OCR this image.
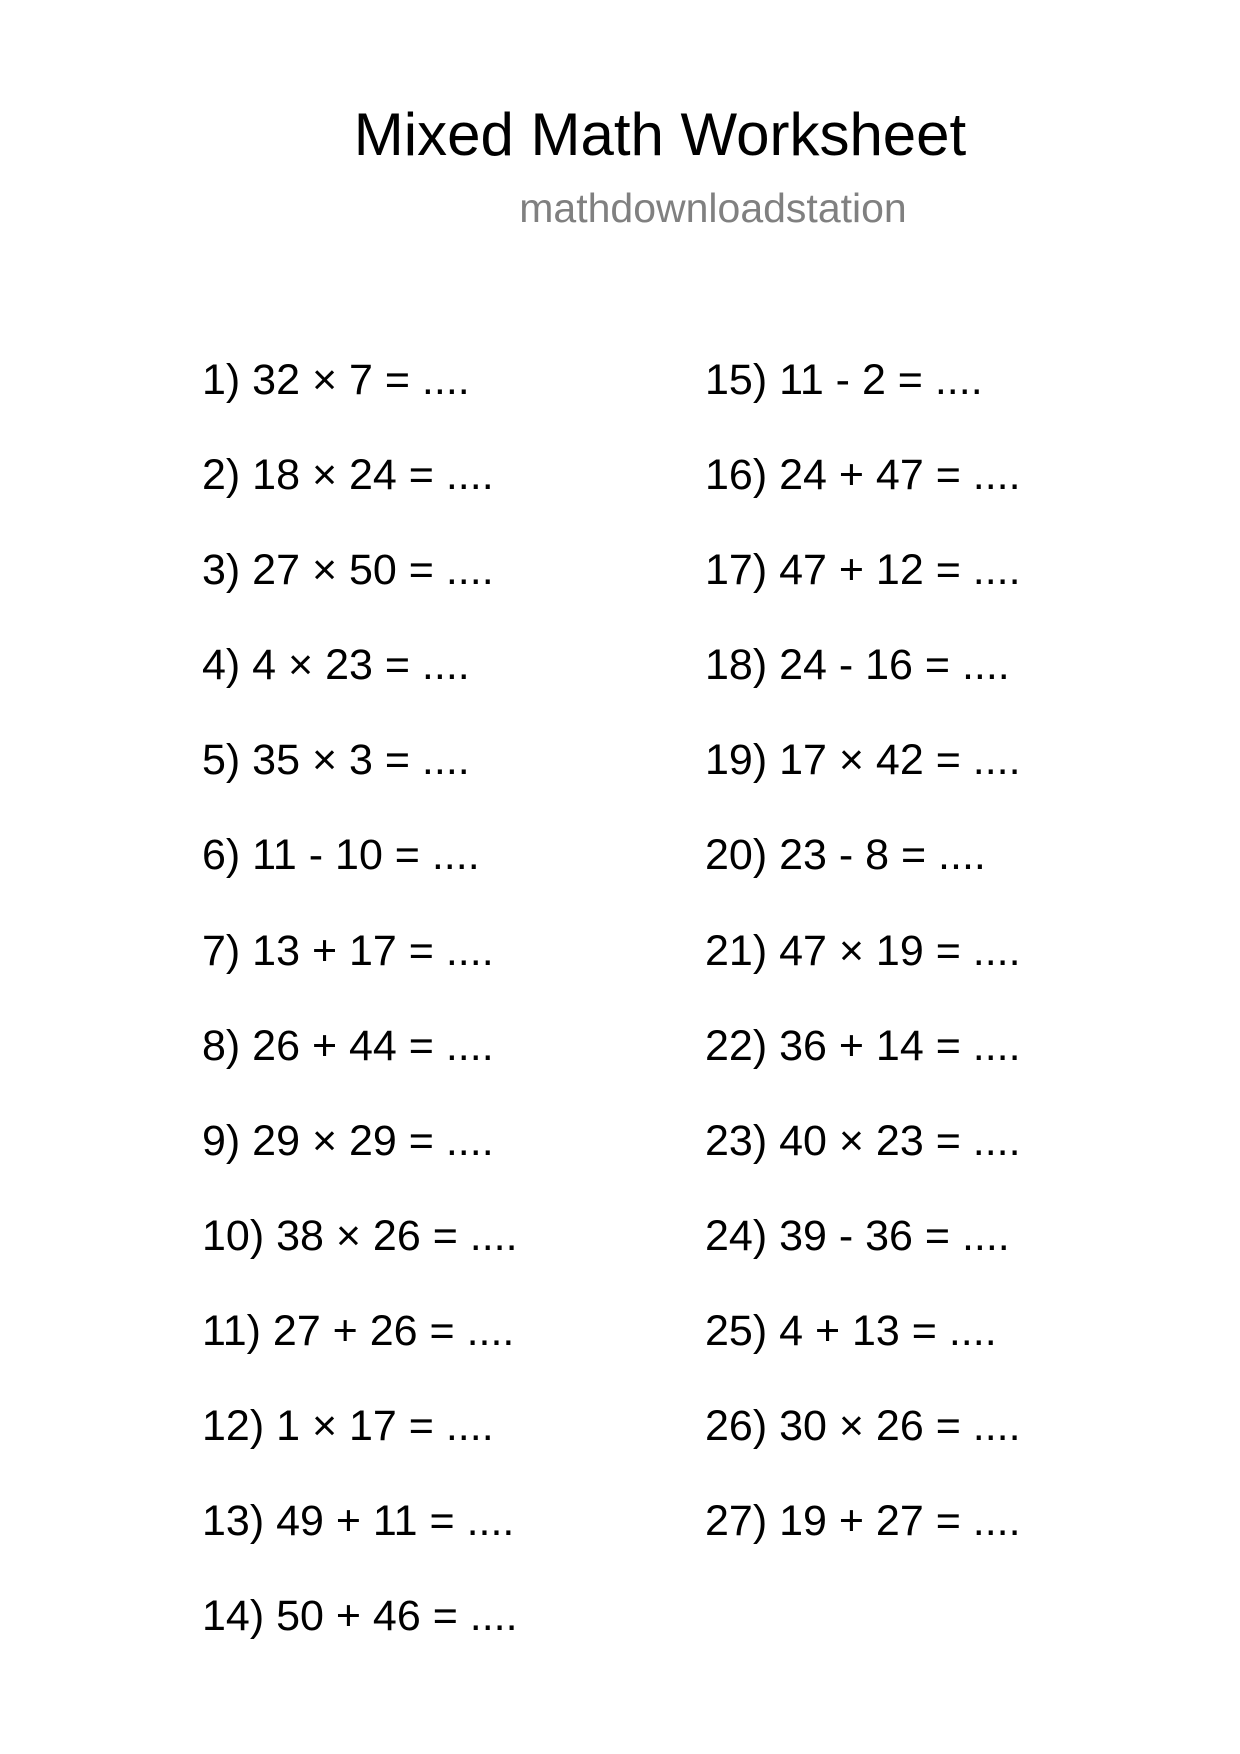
Mixed Math Worksheet

mathdownloadstation

1) 32 × 7 = ....
2) 18 × 24 = ....
3) 27 × 50 = ....
4) 4 × 23 = ....
5) 35 × 3 = ....
6) 11 - 10 = ....
7) 13 + 17 = ....
8) 26 + 44 = ....
9) 29 × 29 = ....
10) 38 × 26 = ....
11) 27 + 26 = ....
12) 1 × 17 = ....
13) 49 + 11 = ....
14) 50 + 46 = ....
15) 11 - 2 = ....
16) 24 + 47 = ....
17) 47 + 12 = ....
18) 24 - 16 = ....
19) 17 × 42 = ....
20) 23 - 8 = ....
21) 47 × 19 = ....
22) 36 + 14 = ....
23) 40 × 23 = ....
24) 39 - 36 = ....
25) 4 + 13 = ....
26) 30 × 26 = ....
27) 19 + 27 = ....
